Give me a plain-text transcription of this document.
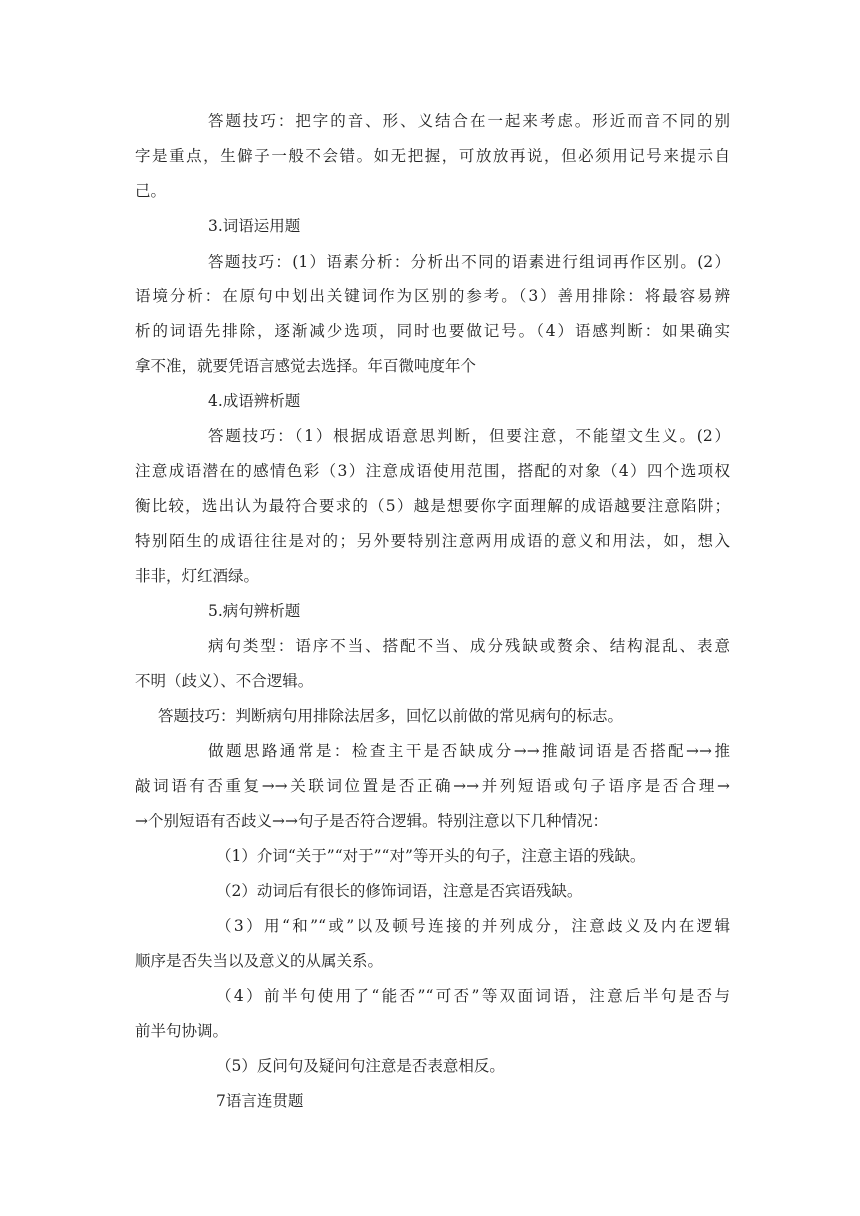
答题技巧：把字的音、形、义结合在一起来考虑。形近而音不同的别
字是重点，生僻子一般不会错。如无把握，可放放再说，但必须用记号来提示自
己。
3.词语运用题
答题技巧：(1）语素分析：分析出不同的语素进行组词再作区别。(2）
语境分析：在原句中划出关键词作为区别的参考。（3）善用排除：将最容易辨
析的词语先排除，逐渐减少选项，同时也要做记号。（4）语感判断：如果确实
拿不准，就要凭语言感觉去选择。年百微吨度年个
4.成语辨析题
答题技巧：（1）根据成语意思判断，但要注意，不能望文生义。(2）
注意成语潜在的感情色彩（3）注意成语使用范围，搭配的对象（4）四个选项权
衡比较，选出认为最符合要求的（5）越是想要你字面理解的成语越要注意陷阱；
特别陌生的成语往往是对的；另外要特别注意两用成语的意义和用法，如，想入
非非，灯红酒绿。
5.病句辨析题
病句类型：语序不当、搭配不当、成分残缺或赘余、结构混乱、表意
不明（歧义）、不合逻辑。
答题技巧：判断病句用排除法居多，回忆以前做的常见病句的标志。
做题思路通常是：检查主干是否缺成分→→推敲词语是否搭配→→推
敲词语有否重复→→关联词位置是否正确→→并列短语或句子语序是否合理→
→个别短语有否歧义→→句子是否符合逻辑。特别注意以下几种情况：
（1）介词“关于”“对于”“对”等开头的句子，注意主语的残缺。
（2）动词后有很长的修饰词语，注意是否宾语残缺。
（3）用“和”“或”以及顿号连接的并列成分，注意歧义及内在逻辑
顺序是否失当以及意义的从属关系。
（4）前半句使用了“能否”“可否”等双面词语，注意后半句是否与
前半句协调。
（5）反问句及疑问句注意是否表意相反。
7语言连贯题
